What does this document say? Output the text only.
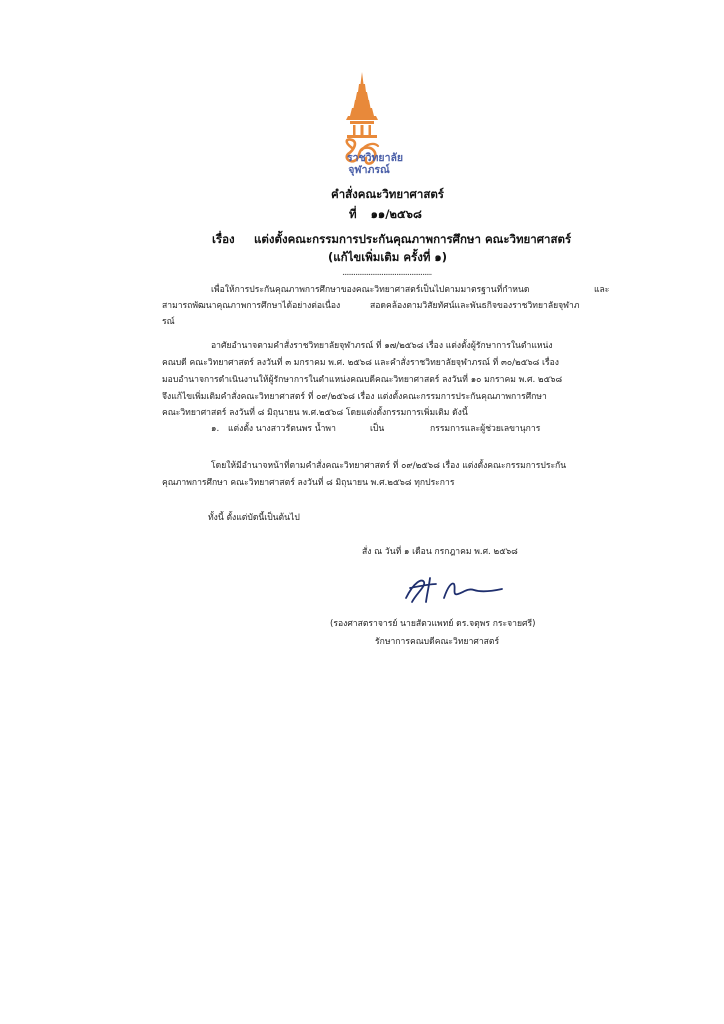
ราชวิทยาลัย
จุฬาภรณ์
คำสั่งคณะวิทยาศาสตร์
ที่ ๑๑/๒๕๖๘
เรื่อง แต่งตั้งคณะกรรมการประกันคุณภาพการศึกษา คณะวิทยาศาสตร์
(แก้ไขเพิ่มเติม ครั้งที่ ๑)
................................................
เพื่อให้การประกันคุณภาพการศึกษาของคณะวิทยาศาสตร์เป็นไปตามมาตรฐานที่กำหนด	และ
สามารถพัฒนาคุณภาพการศึกษาได้อย่างต่อเนื่อง	สอดคล้องตามวิสัยทัศน์และพันธกิจของราชวิทยาลัยจุฬาภ
รณ์
อาศัยอำนาจตามคำสั่งราชวิทยาลัยจุฬาภรณ์ ที่ ๑๗/๒๕๖๘ เรื่อง แต่งตั้งผู้รักษาการในตำแหน่ง
คณบดี คณะวิทยาศาสตร์ ลงวันที่ ๓ มกราคม พ.ศ. ๒๕๖๘ และคำสั่งราชวิทยาลัยจุฬาภรณ์ ที่ ๓๐/๒๕๖๘ เรื่อง
มอบอำนาจการดำเนินงานให้ผู้รักษาการในตำแหน่งคณบดีคณะวิทยาศาสตร์ ลงวันที่ ๑๐ มกราคม พ.ศ. ๒๕๖๘
จึงแก้ไขเพิ่มเติมคำสั่งคณะวิทยาศาสตร์ ที่ ๐๙/๒๕๖๘ เรื่อง แต่งตั้งคณะกรรมการประกันคุณภาพการศึกษา
คณะวิทยาศาสตร์ ลงวันที่ ๘ มิถุนายน พ.ศ.๒๕๖๘ โดยแต่งตั้งกรรมการเพิ่มเติม ดังนี้
๑. แต่งตั้ง นางสาวรัตนพร น้ำพา	เป็น	กรรมการและผู้ช่วยเลขานุการ
โดยให้มีอำนาจหน้าที่ตามคำสั่งคณะวิทยาศาสตร์ ที่ ๐๙/๒๕๖๘ เรื่อง แต่งตั้งคณะกรรมการประกัน
คุณภาพการศึกษา คณะวิทยาศาสตร์ ลงวันที่ ๘ มิถุนายน พ.ศ.๒๕๖๘ ทุกประการ
ทั้งนี้ ตั้งแต่บัดนี้เป็นต้นไป
สั่ง ณ วันที่ ๑ เดือน กรกฎาคม พ.ศ. ๒๕๖๘
(รองศาสตราจารย์ นายสัตวแพทย์ ดร.จตุพร กระจายศรี)
รักษาการคณบดีคณะวิทยาศาสตร์
